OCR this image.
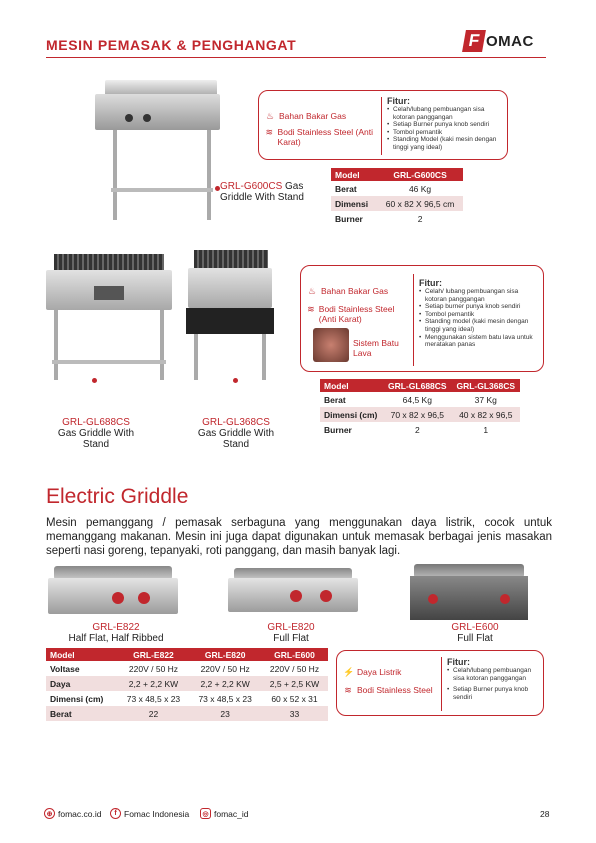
MESIN PEMASAK & PENGHANGAT	F OMAC
GRL-G600CS Gas Griddle With Stand
♨ Bahan Bakar Gas
≋ Bodi Stainless Steel (Anti Karat)
Fitur:
• Celah/lubang pembuangan sisa kotoran panggangan
• Setiap Burner punya knob sendiri
• Tombol pemantik
• Standing Model (kaki mesin dengan tinggi yang ideal)
Model	GRL-G600CS
Berat	46 Kg
Dimensi	60 x 82 X 96,5 cm
Burner	2
GRL-GL688CS
Gas Griddle With Stand
GRL-GL368CS
Gas Griddle With Stand
♨ Bahan Bakar Gas
≋ Bodi Stainless Steel (Anti Karat)
Sistem Batu Lava
Fitur:
• Celah/ lubang pembuangan sisa kotoran panggangan
• Setiap burner punya knob sendiri
• Tombol pemantik
• Standing model (kaki mesin dengan tinggi yang ideal)
• Menggunakan sistem batu lava untuk meratakan panas
Model	GRL-GL688CS	GRL-GL368CS
Berat	64,5 Kg	37 Kg
Dimensi (cm)	70 x 82 x 96,5	40 x 82 x 96,5
Burner	2	1
Electric Griddle
Mesin pemanggang / pemasak serbaguna yang menggunakan daya listrik, cocok untuk memanggang makanan. Mesin ini juga dapat digunakan untuk memasak berbagai jenis masakan seperti nasi goreng, tepanyaki, roti panggang, dan masih banyak lagi.
GRL-E822
Half Flat, Half Ribbed
GRL-E820
Full Flat
GRL-E600
Full Flat
Model	GRL-E822	GRL-E820	GRL-E600
Voltase	220V / 50 Hz	220V / 50 Hz	220V / 50 Hz
Daya	2,2 + 2,2 KW	2,2 + 2,2 KW	2,5 + 2,5 KW
Dimensi (cm)	73 x 48,5 x 23	73 x 48,5 x 23	60 x 52 x 31
Berat	22	23	33
⚡ Daya Listrik
≋ Bodi Stainless Steel
Fitur:
• Celah/lubang pembuangan sisa kotoran panggangan
• Setiap Burner punya knob sendiri
⊕ fomac.co.id	f Fomac Indonesia	◎ fomac_id	28
